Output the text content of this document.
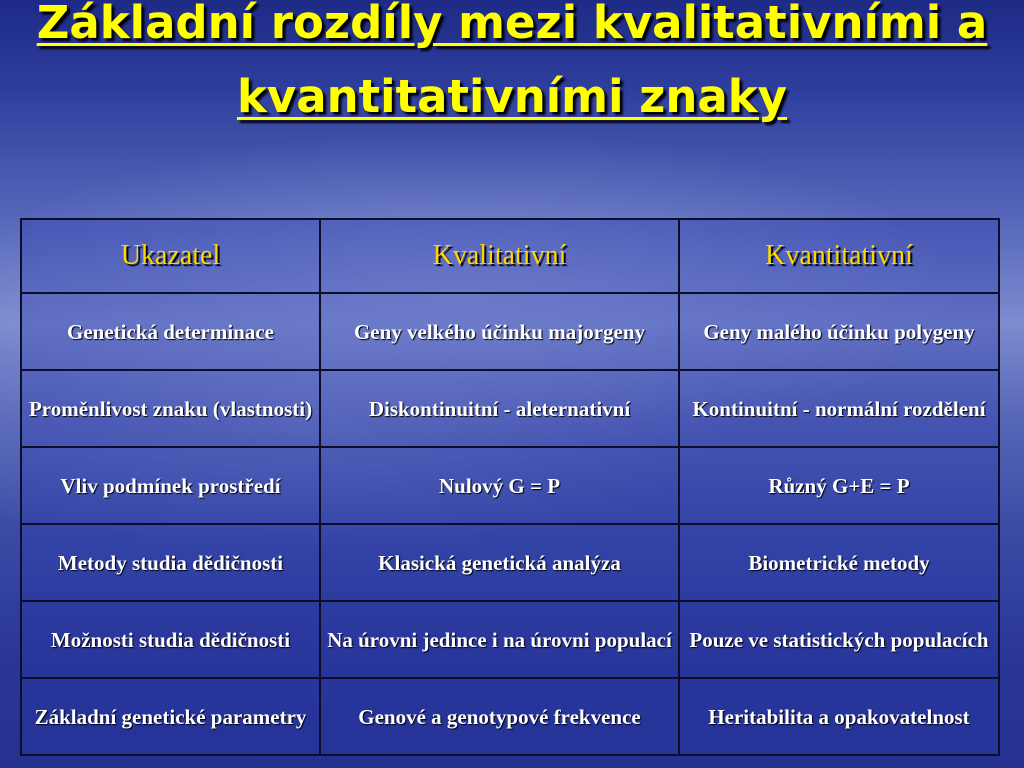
Základní rozdíly mezi kvalitativními a kvantitativními znaky
Ukazatel	Kvalitativní	Kvantitativní
Genetická determinace	Geny velkého účinku majorgeny	Geny malého účinku polygeny
Proměnlivost znaku (vlastnosti)	Diskontinuitní - aleternativní	Kontinuitní - normální rozdělení
Vliv podmínek prostředí	Nulový G = P	Různý G+E = P
Metody studia dědičnosti	Klasická genetická analýza	Biometrické metody
Možnosti studia dědičnosti	Na úrovni jedince i na úrovni populací	Pouze ve statistických populacích
Základní genetické parametry	Genové a genotypové frekvence	Heritabilita a opakovatelnost
